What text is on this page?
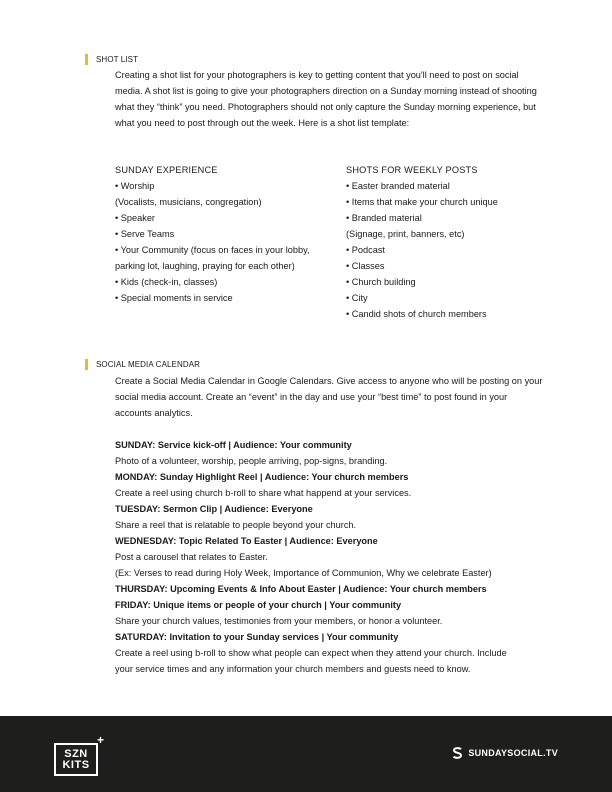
SHOT LIST

Creating a shot list for your photographers is key to getting content that you'll need to post on social media. A shot list is going to give your photographers direction on a Sunday morning instead of shooting what they “think” you need. Photographers should not only capture the Sunday morning experience, but what you need to post through out the week. Here is a shot list template:

SUNDAY EXPERIENCE
• Worship
(Vocalists, musicians, congregation)
• Speaker
• Serve Teams
• Your Community (focus on faces in your lobby, parking lot, laughing, praying for each other)
• Kids (check-in, classes)
• Special moments in service
SHOTS FOR WEEKLY POSTS
• Easter branded material
• Items that make your church unique
• Branded material
(Signage, print, banners, etc)
• Podcast
• Classes
• Church building
• City
• Candid shots of church members
SOCIAL MEDIA CALENDAR

Create a Social Media Calendar in Google Calendars. Give access to anyone who will be posting on your social media account. Create an “event” in the day and use your “best time” to post found in your accounts analytics.

SUNDAY: Service kick-off | Audience: Your community
Photo of a volunteer, worship, people arriving, pop-signs, branding.
MONDAY: Sunday Highlight Reel | Audience: Your church members
Create a reel using church b-roll to share what happend at your services.
TUESDAY: Sermon Clip | Audience: Everyone
Share a reel that is relatable to people beyond your church.
WEDNESDAY: Topic Related To Easter | Audience: Everyone
Post a carousel that relates to Easter.
(Ex: Verses to read during Holy Week, Importance of Communion, Why we celebrate Easter)
THURSDAY: Upcoming Events & Info About Easter | Audience: Your church members
FRIDAY: Unique items or people of your church | Your community
Share your church values, testimonies from your members, or honor a volunteer.
SATURDAY: Invitation to your Sunday services | Your community
Create a reel using b-roll to show what people can expect when they attend your church. Include your service times and any information your church members and guests need to know.
SZN
KITS
+
SUNDAYSOCIAL.TV
